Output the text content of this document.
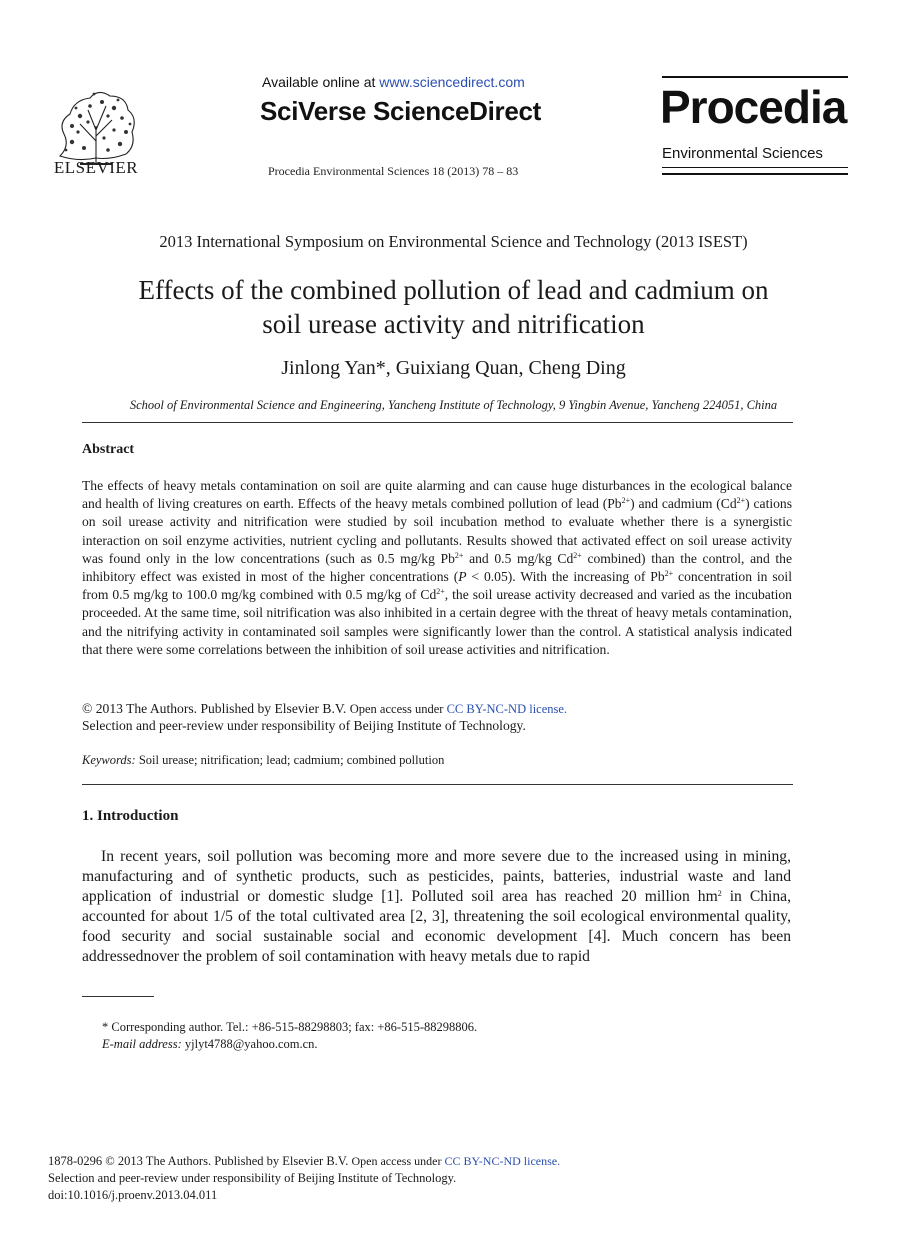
ELSEVIER
Available online at www.sciencedirect.com
SciVerse ScienceDirect
Procedia Environmental Sciences 18 (2013) 78 – 83
Procedia
Environmental Sciences
2013 International Symposium on Environmental Science and Technology (2013 ISEST)
Effects of the combined pollution of lead and cadmium on
soil urease activity and nitrification
Jinlong Yan*, Guixiang Quan, Cheng Ding
School of Environmental Science and Engineering, Yancheng Institute of Technology, 9 Yingbin Avenue, Yancheng 224051, China
Abstract
The effects of heavy metals contamination on soil are quite alarming and can cause huge disturbances in the ecological balance and health of living creatures on earth. Effects of the heavy metals combined pollution of lead $(Pb^{2+})$ and cadmium $(Cd^{2+})$ cations on soil urease activity and nitrification were studied by soil incubation method to evaluate whether there is a synergistic interaction on soil enzyme activities, nutrient cycling and pollutants. Results showed that activated effect on soil urease activity was found only in the low concentrations (such as 0.5 mg/kg $Pb^{2+}$ and 0.5 mg/kg $Cd^{2+}$ combined) than the control, and the inhibitory effect was existed in most of the higher concentrations (P < 0.05). With the increasing of $Pb^{2+}$ concentration in soil from 0.5 mg/kg to 100.0 mg/kg combined with 0.5 mg/kg of $Cd^{2+}$, the soil urease activity decreased and varied as the incubation proceeded. At the same time, soil nitrification was also inhibited in a certain degree with the threat of heavy metals contamination, and the nitrifying activity in contaminated soil samples were significantly lower than the control. A statistical analysis indicated that there were some correlations between the inhibition of soil urease activities and nitrification.
© 2013 The Authors. Published by Elsevier B.V. Open access under CC BY-NC-ND license.
Selection and peer-review under responsibility of Beijing Institute of Technology.
Keywords: Soil urease; nitrification; lead; cadmium; combined pollution
1. Introduction
In recent years, soil pollution was becoming more and more severe due to the increased using in mining, manufacturing and of synthetic products, such as pesticides, paints, batteries, industrial waste and land application of industrial or domestic sludge [1]. Polluted soil area has reached 20 million $hm^2$ in China, accounted for about 1/5 of the total cultivated area [2, 3], threatening the soil ecological environmental quality, food security and social sustainable social and economic development [4]. Much concern has been addressednover the problem of soil contamination with heavy metals due to rapid
* Corresponding author. Tel.: +86-515-88298803; fax: +86-515-88298806.
E-mail address: yjlyt4788@yahoo.com.cn.
1878-0296 © 2013 The Authors. Published by Elsevier B.V. Open access under CC BY-NC-ND license.
Selection and peer-review under responsibility of Beijing Institute of Technology.
doi:10.1016/j.proenv.2013.04.011
